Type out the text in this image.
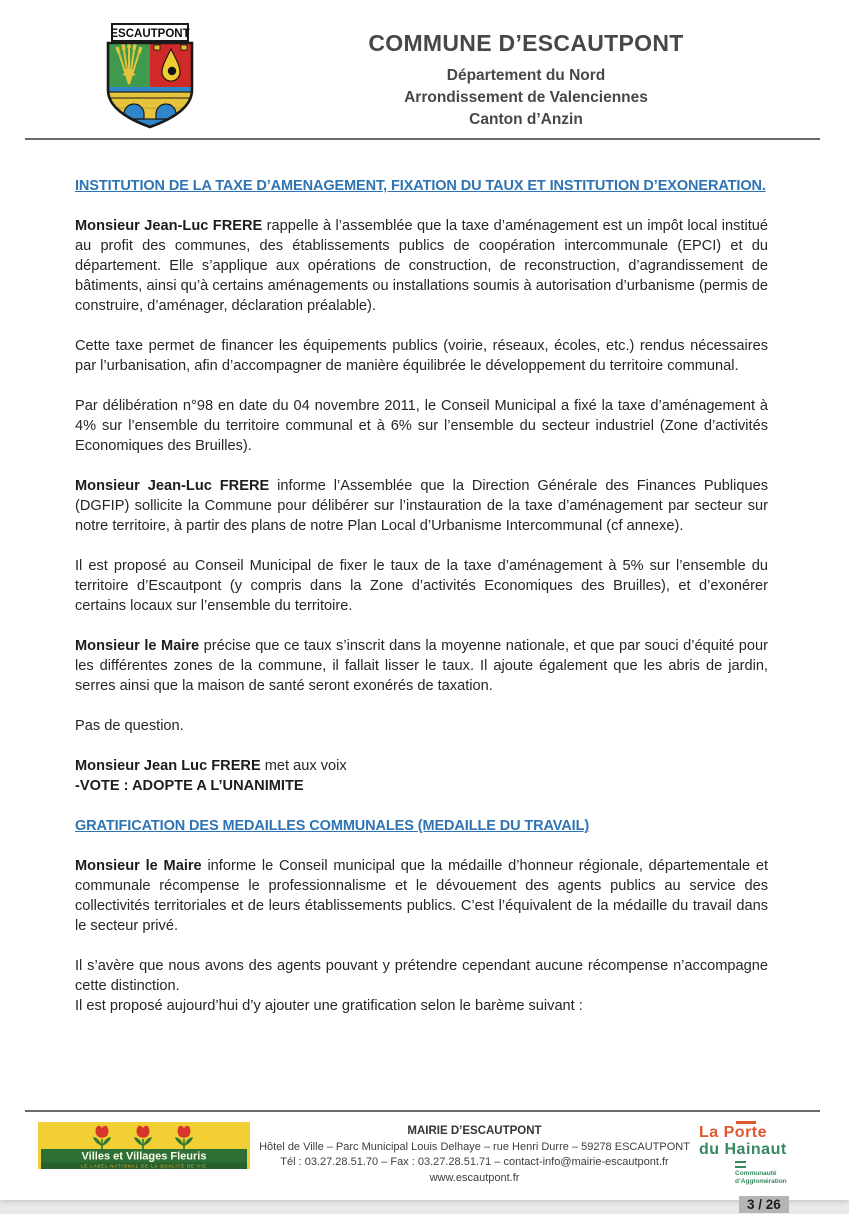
ESCAUTPONT	COMMUNE D’ESCAUTPONT
Département du Nord
Arrondissement de Valenciennes
Canton d’Anzin
INSTITUTION DE LA TAXE D’AMENAGEMENT, FIXATION DU TAUX ET INSTITUTION D’EXONERATION.

Monsieur Jean-Luc FRERE rappelle à l’assemblée que la taxe d’aménagement est un impôt local institué au profit des communes, des établissements publics de coopération intercommunale (EPCI) et du département. Elle s’applique aux opérations de construction, de reconstruction, d’agrandissement de bâtiments, ainsi qu’à certains aménagements ou installations soumis à autorisation d’urbanisme (permis de construire, d’aménager, déclaration préalable).

Cette taxe permet de financer les équipements publics (voirie, réseaux, écoles, etc.) rendus nécessaires par l’urbanisation, afin d’accompagner de manière équilibrée le développement du territoire communal.

Par délibération n°98 en date du 04 novembre 2011, le Conseil Municipal a fixé la taxe d’aménagement à 4% sur l’ensemble du territoire communal et à 6% sur l’ensemble du secteur industriel (Zone d’activités Economiques des Bruilles).

Monsieur Jean-Luc FRERE informe l’Assemblée que la Direction Générale des Finances Publiques (DGFIP) sollicite la Commune pour délibérer sur l’instauration de la taxe d’aménagement par secteur sur notre territoire, à partir des plans de notre Plan Local d’Urbanisme Intercommunal (cf annexe).

Il est proposé au Conseil Municipal de fixer le taux de la taxe d’aménagement à 5% sur l’ensemble du territoire d’Escautpont (y compris dans la Zone d’activités Economiques des Bruilles), et d’exonérer certains locaux sur l’ensemble du territoire.

Monsieur le Maire précise que ce taux s’inscrit dans la moyenne nationale, et que par souci d’équité pour les différentes zones de la commune, il fallait lisser le taux. Il ajoute également que les abris de jardin, serres ainsi que la maison de santé seront exonérés de taxation.

Pas de question.

Monsieur Jean Luc FRERE met aux voix
-VOTE : ADOPTE A L’UNANIMITE

GRATIFICATION DES MEDAILLES COMMUNALES (MEDAILLE DU TRAVAIL)

Monsieur le Maire informe le Conseil municipal que la médaille d’honneur régionale, départementale et communale récompense le professionnalisme et le dévouement des agents publics au service des collectivités territoriales et de leurs établissements publics. C’est l’équivalent de la médaille du travail dans le secteur privé.

Il s’avère que nous avons des agents pouvant y prétendre cependant aucune récompense n’accompagne cette distinction.
Il est proposé aujourd’hui d’y ajouter une gratification selon le barème suivant :

Villes et Villages Fleuris
LE LABEL NATIONAL DE LA QUALITÉ DE VIE
MAIRIE D’ESCAUTPONT
Hôtel de Ville – Parc Municipal Louis Delhaye – rue Henri Durre – 59278 ESCAUTPONT
Tél : 03.27.28.51.70 – Fax : 03.27.28.51.71 – contact-info@mairie-escautpont.fr
www.escautpont.fr
La Porte
du Hainaut
Communauté
d’Agglomération
3 / 26
